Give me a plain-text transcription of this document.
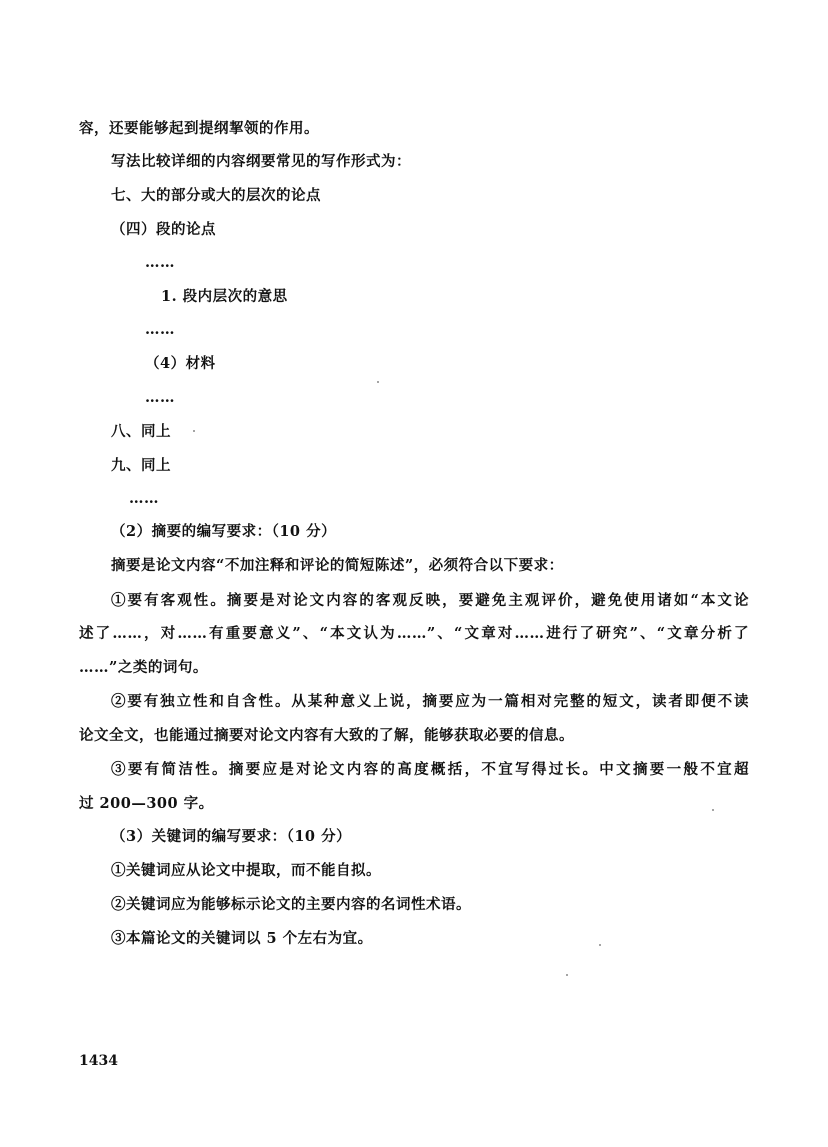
容，还要能够起到提纲挈领的作用。
写法比较详细的内容纲要常见的写作形式为：
七、大的部分或大的层次的论点
（四）段的论点
……
1. 段内层次的意思
……
（4）材料
……
八、同上
九、同上
……
（2）摘要的编写要求：（10 分）
摘要是论文内容“不加注释和评论的简短陈述”，必须符合以下要求：
①要有客观性。摘要是对论文内容的客观反映，要避免主观评价，避免使用诸如“本文论
述了……，对……有重要意义”、“本文认为……”、“文章对……进行了研究”、“文章分析了
……”之类的词句。
②要有独立性和自含性。从某种意义上说，摘要应为一篇相对完整的短文，读者即便不读
论文全文，也能通过摘要对论文内容有大致的了解，能够获取必要的信息。
③要有简洁性。摘要应是对论文内容的高度概括，不宜写得过长。中文摘要一般不宜超
过 200—300 字。
（3）关键词的编写要求：（10 分）
①关键词应从论文中提取，而不能自拟。
②关键词应为能够标示论文的主要内容的名词性术语。
③本篇论文的关键词以 5 个左右为宜。
1434
